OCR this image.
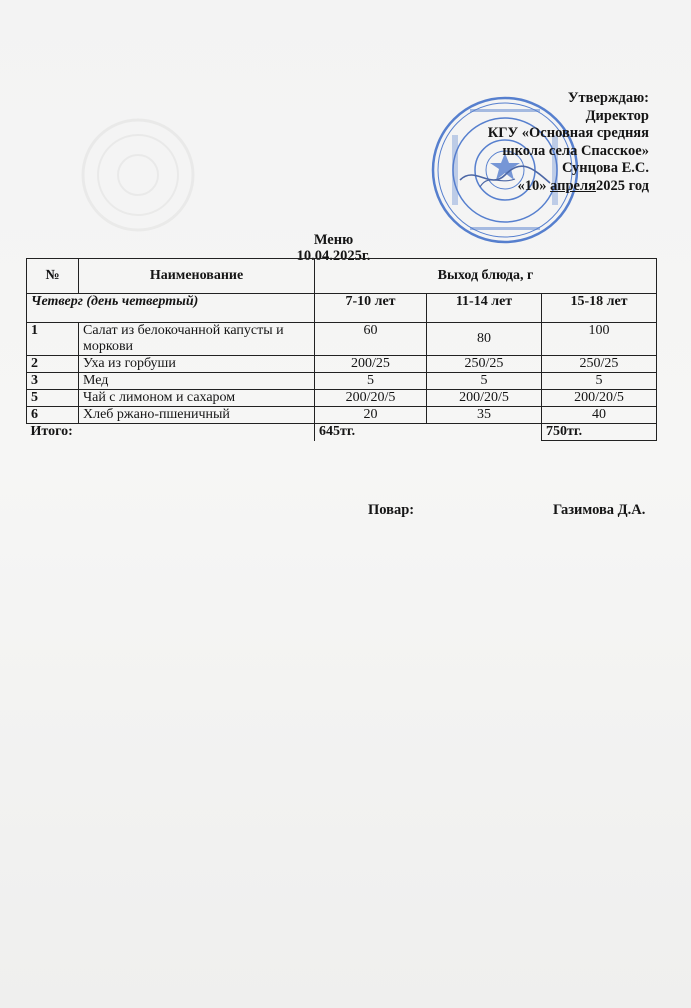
Утверждаю:
Директор
КГУ «Основная средняя
школа села Спасское»
Сунцова Е.С.
«10» апреля2025 год
Меню
10.04.2025г.
№	Наименование	Выход блюда, г		
Четверг (день четвертый)		7-10 лет	11-14 лет	15-18 лет
1	Салат из белокочанной капусты и моркови	60	80	100
2	Уха из горбуши	200/25	250/25	250/25
3	Мед	5	5	5
5	Чай с лимоном и сахаром	200/20/5	200/20/5	200/20/5
6	Хлеб ржано-пшеничный	20	35	40
Итого:		645тг.		750тг.
Повар:	Газимова Д.А.
